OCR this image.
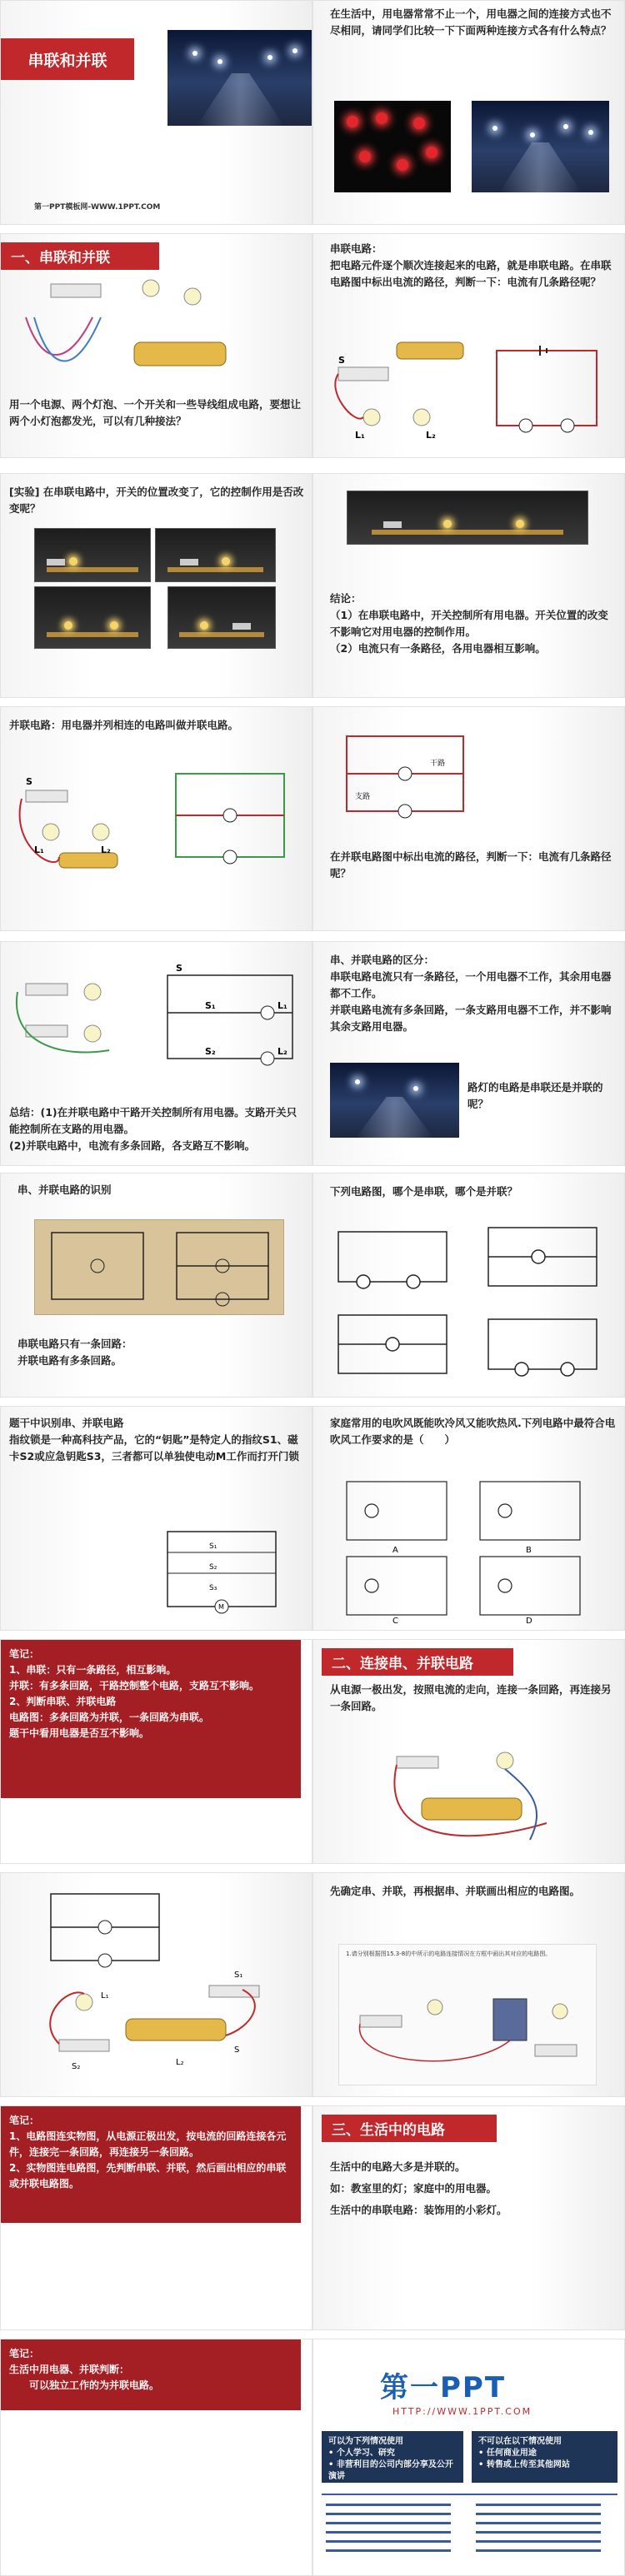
串联和并联
第一PPT模板网-WWW.1PPT.COM
在生活中，用电器常常不止一个，用电器之间的连接方式也不尽相同，请同学们比较一下下面两种连接方式各有什么特点？
一、串联和并联
用一个电源、两个灯泡、一个开关和一些导线组成电路，要想让两个小灯泡都发光，可以有几种接法？
串联电路：
把电路元件逐个顺次连接起来的电路，就是串联电路。在串联电路图中标出电流的路径，判断一下：电流有几条路径呢？
S
L₁	L₂
[实验] 在串联电路中，开关的位置改变了，它的控制作用是否改变呢？
结论：
（1）在串联电路中，开关控制所有用电器。开关位置的改变不影响它对用电器的控制作用。
（2）电流只有一条路径，各用电器相互影响。
并联电路：用电器并列相连的电路叫做并联电路。
S
L₁	L₂
干路
支路
在并联电路图中标出电流的路径，判断一下：电流有几条路径呢？
S
S₁
S₂
L₁
L₂
总结：(1)在并联电路中干路开关控制所有用电器。支路开关只能控制所在支路的用电器。
(2)并联电路中，电流有多条回路，各支路互不影响。
串、并联电路的区分：
串联电路电流只有一条路径，一个用电器不工作，其余用电器都不工作。
并联电路电流有多条回路，一条支路用电器不工作，并不影响其余支路用电器。
路灯的电路是串联还是并联的呢？
串、并联电路的识别
串联电路只有一条回路：
并联电路有多条回路。
下列电路图，哪个是串联，哪个是并联？
题干中识别串、并联电路
指纹锁是一种高科技产品，它的“钥匙”是特定人的指纹S1、磁卡S2或应急钥匙S3，三者都可以单独使电动M工作而打开门锁
S₁
S₂
S₃
M
家庭常用的电吹风既能吹冷风又能吹热风.下列电路中最符合电吹风工作要求的是（　　）
A	B
C	D
笔记：
1、串联：只有一条路径，相互影响。
并联：有多条回路，干路控制整个电路，支路互不影响。
2、判断串联、并联电路
电路图：多条回路为并联，一条回路为串联。
题干中看用电器是否互不影响。
二、连接串、并联电路
从电源一极出发，按照电流的走向，连接一条回路，再连接另一条回路。
L₁
L₂
S₁
S₂
S
先确定串、并联，再根据串、并联画出相应的电路图。
1.请分别根据图15.3-8的中所示的电路连接情况在方框中画出其对应的电路图。
笔记：
1、电路图连实物图，从电源正极出发，按电流的回路连接各元件，连接完一条回路，再连接另一条回路。
2、实物图连电路图，先判断串联、并联，然后画出相应的串联或并联电路图。
三、生活中的电路
生活中的电路大多是并联的。
如：教室里的灯；家庭中的用电器。
生活中的串联电路：装饰用的小彩灯。
笔记：
生活中用电器、并联判断：
　　可以独立工作的为并联电路。	第一PPT
HTTP://WWW.1PPT.COM
可以为下列情况使用
• 个人学习、研究
• 非营利目的公司内部分享及公开演讲
不可以在以下情况使用
• 任何商业用途
• 转售或上传至其他网站
